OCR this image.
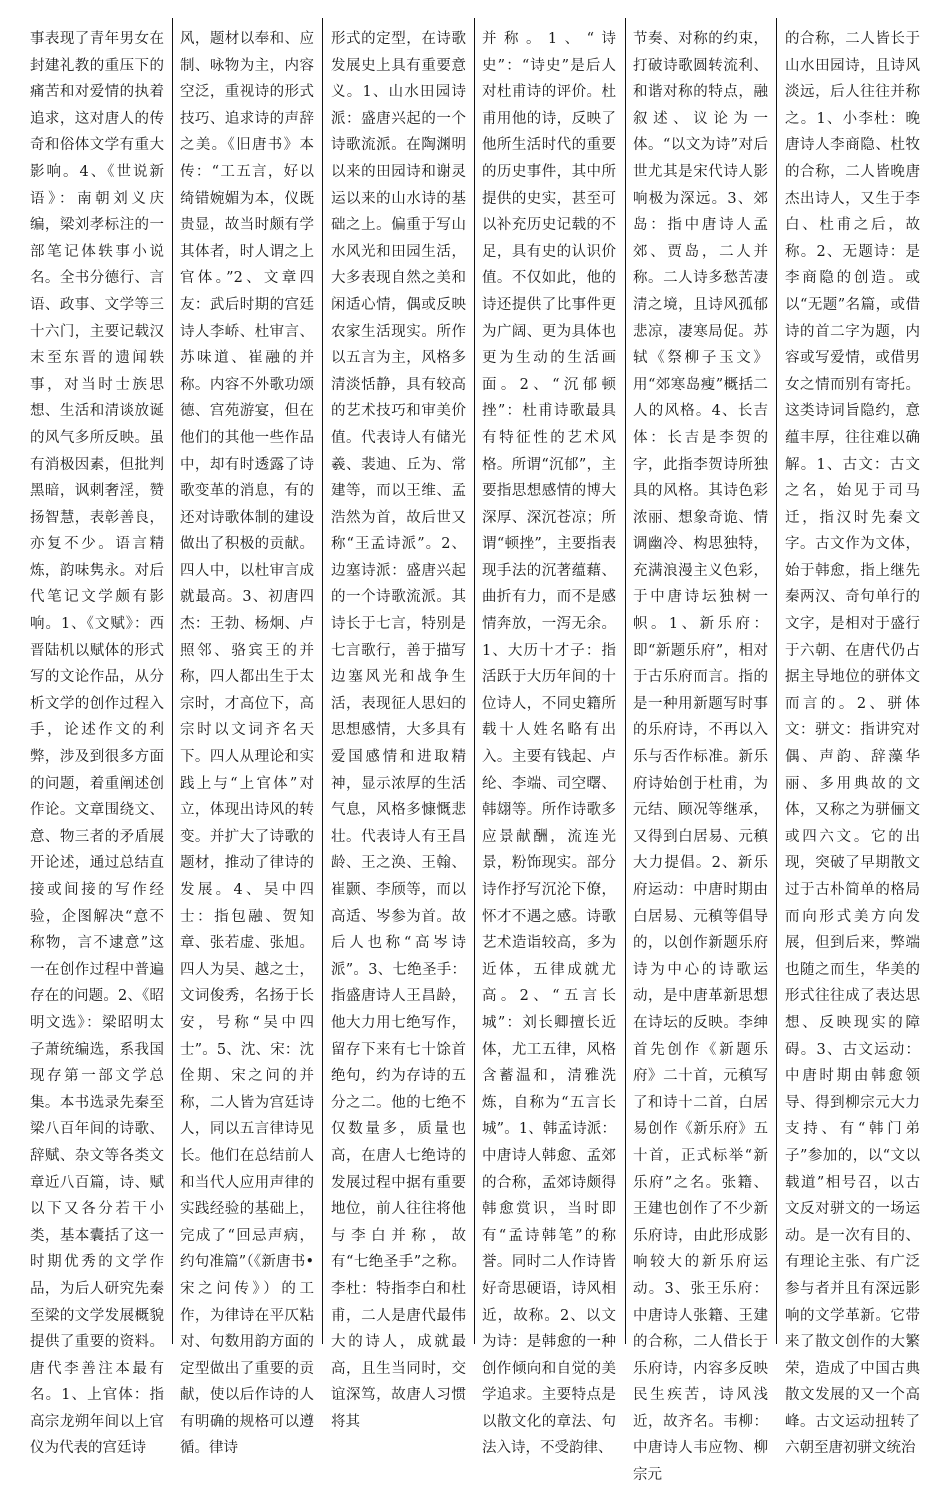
事表现了青年男女在封建礼教的重压下的痛苦和对爱情的执着追求，这对唐人的传奇和俗体文学有重大影响。4、《世说新语》：南朝刘义庆编，梁刘孝标注的一部笔记体轶事小说名。全书分德行、言语、政事、文学等三十六门，主要记载汉末至东晋的遗闻轶事，对当时士族思想、生活和清谈放诞的风气多所反映。虽有消极因素，但批判黑暗，讽刺奢淫，赞扬智慧，表彰善良，亦复不少。语言精炼，韵味隽永。对后代笔记文学颇有影响。1、《文赋》：西晋陆机以赋体的形式写的文论作品，从分析文学的创作过程入手，论述作文的利弊，涉及到很多方面的问题，着重阐述创作论。文章围绕文、意、物三者的矛盾展开论述，通过总结直接或间接的写作经验，企图解决“意不称物，言不逮意”这一在创作过程中普遍存在的问题。2、《昭明文选》：梁昭明太子萧统编选，系我国现存第一部文学总集。本书选录先秦至梁八百年间的诗歌、辞赋、杂文等各类文章近八百篇，诗、赋以下又各分若干小类，基本囊括了这一时期优秀的文学作品，为后人研究先秦至梁的文学发展概貌提供了重要的资料。唐代李善注本最有名。1、上官体：指高宗龙朔年间以上官仪为代表的宫廷诗
风，题材以奉和、应制、咏物为主，内容空泛，重视诗的形式技巧、追求诗的声辞之美。《旧唐书》本传：“工五言，好以绮错婉媚为本，仪既贵显，故当时颇有学其体者，时人谓之上官体。”2、文章四友：武后时期的宫廷诗人李峤、杜审言、苏味道、崔融的并称。内容不外歌功颂德、宫苑游宴，但在他们的其他一些作品中，却有时透露了诗歌变革的消息，有的还对诗歌体制的建设做出了积极的贡献。四人中，以杜审言成就最高。3、初唐四杰：王勃、杨炯、卢照邻、骆宾王的并称，四人都出生于太宗时，才高位下，高宗时以文词齐名天下。四人从理论和实践上与“上官体”对立，体现出诗风的转变。并扩大了诗歌的题材，推动了律诗的发展。4、吴中四士：指包融、贺知章、张若虚、张旭。四人为吴、越之士，文词俊秀，名扬于长安，号称“吴中四士”。5、沈、宋：沈佺期、宋之问的并称，二人皆为宫廷诗人，同以五言律诗见长。他们在总结前人和当代人应用声律的实践经验的基础上，完成了“回忌声病，约句准篇”（《新唐书•宋之问传》）的工作，为律诗在平仄粘对、句数用韵方面的定型做出了重要的贡献，使以后作诗的人有明确的规格可以遵循。律诗
形式的定型，在诗歌发展史上具有重要意义。1、山水田园诗派：盛唐兴起的一个诗歌流派。在陶渊明以来的田园诗和谢灵运以来的山水诗的基础之上。偏重于写山水风光和田园生活，大多表现自然之美和闲适心情，偶或反映农家生活现实。所作以五言为主，风格多清淡恬静，具有较高的艺术技巧和审美价值。代表诗人有储光羲、裴迪、丘为、常建等，而以王维、孟浩然为首，故后世又称“王孟诗派”。2、边塞诗派：盛唐兴起的一个诗歌流派。其诗长于七言，特别是七言歌行，善于描写边塞风光和战争生活，表现征人思妇的思想感情，大多具有爱国感情和进取精神，显示浓厚的生活气息，风格多慷慨悲壮。代表诗人有王昌龄、王之涣、王翰、崔颢、李颀等，而以高适、岑参为首。故后人也称“高岑诗派”。3、七绝圣手：指盛唐诗人王昌龄，他大力用七绝写作，留存下来有七十馀首绝句，约为存诗的五分之二。他的七绝不仅数量多，质量也高，在唐人七绝诗的发展过程中据有重要地位，前人往往将他与李白并称，故有“七绝圣手”之称。李杜：特指李白和杜甫，二人是唐代最伟大的诗人，成就最高，且生当同时，交谊深笃，故唐人习惯将其
并称。1、“诗史”：“诗史”是后人对杜甫诗的评价。杜甫用他的诗，反映了他所生活时代的重要的历史事件，其中所提供的史实，甚至可以补充历史记载的不足，具有史的认识价值。不仅如此，他的诗还提供了比事件更为广阔、更为具体也更为生动的生活画面。2、“沉郁顿挫”：杜甫诗歌最具有特征性的艺术风格。所谓“沉郁”，主要指思想感情的博大深厚、深沉苍凉；所谓“顿挫”，主要指表现手法的沉著蕴藉、曲折有力，而不是感情奔放，一泻无余。1、大历十才子：指活跃于大历年间的十位诗人，不同史籍所载十人姓名略有出入。主要有钱起、卢纶、李端、司空曙、韩翃等。所作诗歌多应景献酬，流连光景，粉饰现实。部分诗作抒写沉沦下僚，怀才不遇之感。诗歌艺术造诣较高，多为近体，五律成就尤高。2、“五言长城”：刘长卿擅长近体，尤工五律，风格含蓄温和，清雅洗炼，自称为“五言长城”。1、韩孟诗派：中唐诗人韩愈、孟郊的合称，孟郊诗颇得韩愈赏识，当时即有“孟诗韩笔”的称誉。同时二人作诗皆好奇思硬语，诗风相近，故称。2、以文为诗：是韩愈的一种创作倾向和自觉的美学追求。主要特点是以散文化的章法、句法入诗，不受韵律、
节奏、对称的约束，打破诗歌圆转流利、和谐对称的特点，融叙述、议论为一体。“以文为诗”对后世尤其是宋代诗人影响极为深远。3、郊岛：指中唐诗人孟郊、贾岛，二人并称。二人诗多愁苦凄清之境，且诗风孤郁悲凉，凄寒局促。苏轼《祭柳子玉文》用“郊寒岛瘦”概括二人的风格。4、长吉体：长吉是李贺的字，此指李贺诗所独具的风格。其诗色彩浓丽、想象奇诡、情调幽冷、构思独特，充满浪漫主义色彩，于中唐诗坛独树一帜。1、新乐府：即“新题乐府”，相对于古乐府而言。指的是一种用新题写时事的乐府诗，不再以入乐与否作标准。新乐府诗始创于杜甫，为元结、顾况等继承，又得到白居易、元稹大力提倡。2、新乐府运动：中唐时期由白居易、元稹等倡导的，以创作新题乐府诗为中心的诗歌运动，是中唐革新思想在诗坛的反映。李绅首先创作《新题乐府》二十首，元稹写了和诗十二首，白居易创作《新乐府》五十首，正式标举“新乐府”之名。张籍、王建也创作了不少新乐府诗，由此形成影响较大的新乐府运动。3、张王乐府：中唐诗人张籍、王建的合称，二人借长于乐府诗，内容多反映民生疾苦，诗风浅近，故齐名。韦柳：中唐诗人韦应物、柳宗元
的合称，二人皆长于山水田园诗，且诗风淡远，后人往往并称之。1、小李杜：晚唐诗人李商隐、杜牧的合称，二人皆晚唐杰出诗人，又生于李白、杜甫之后，故称。2、无题诗：是李商隐的创造。或以“无题”名篇，或借诗的首二字为题，内容或写爱情，或借男女之情而别有寄托。这类诗词旨隐约，意蕴丰厚，往往难以确解。1、古文：古文之名，始见于司马迁，指汉时先秦文字。古文作为文体，始于韩愈，指上继先秦两汉、奇句单行的文字，是相对于盛行于六朝、在唐代仍占据主导地位的骈体文而言的。2、骈体文：骈文：指讲究对偶、声韵、辞藻华丽、多用典故的文体，又称之为骈俪文或四六文。它的出现，突破了早期散文过于古朴简单的格局而向形式美方向发展，但到后来，弊端也随之而生，华美的形式往往成了表达思想、反映现实的障碍。3、古文运动：中唐时期由韩愈领导、得到柳宗元大力支持、有“韩门弟子”参加的，以“文以载道”相号召，以古文反对骈文的一场运动。是一次有目的、有理论主张、有广泛参与者并且有深远影响的文学革新。它带来了散文创作的大繁荣，造成了中国古典散文发展的又一个高峰。古文运动扭转了六朝至唐初骈文统治
